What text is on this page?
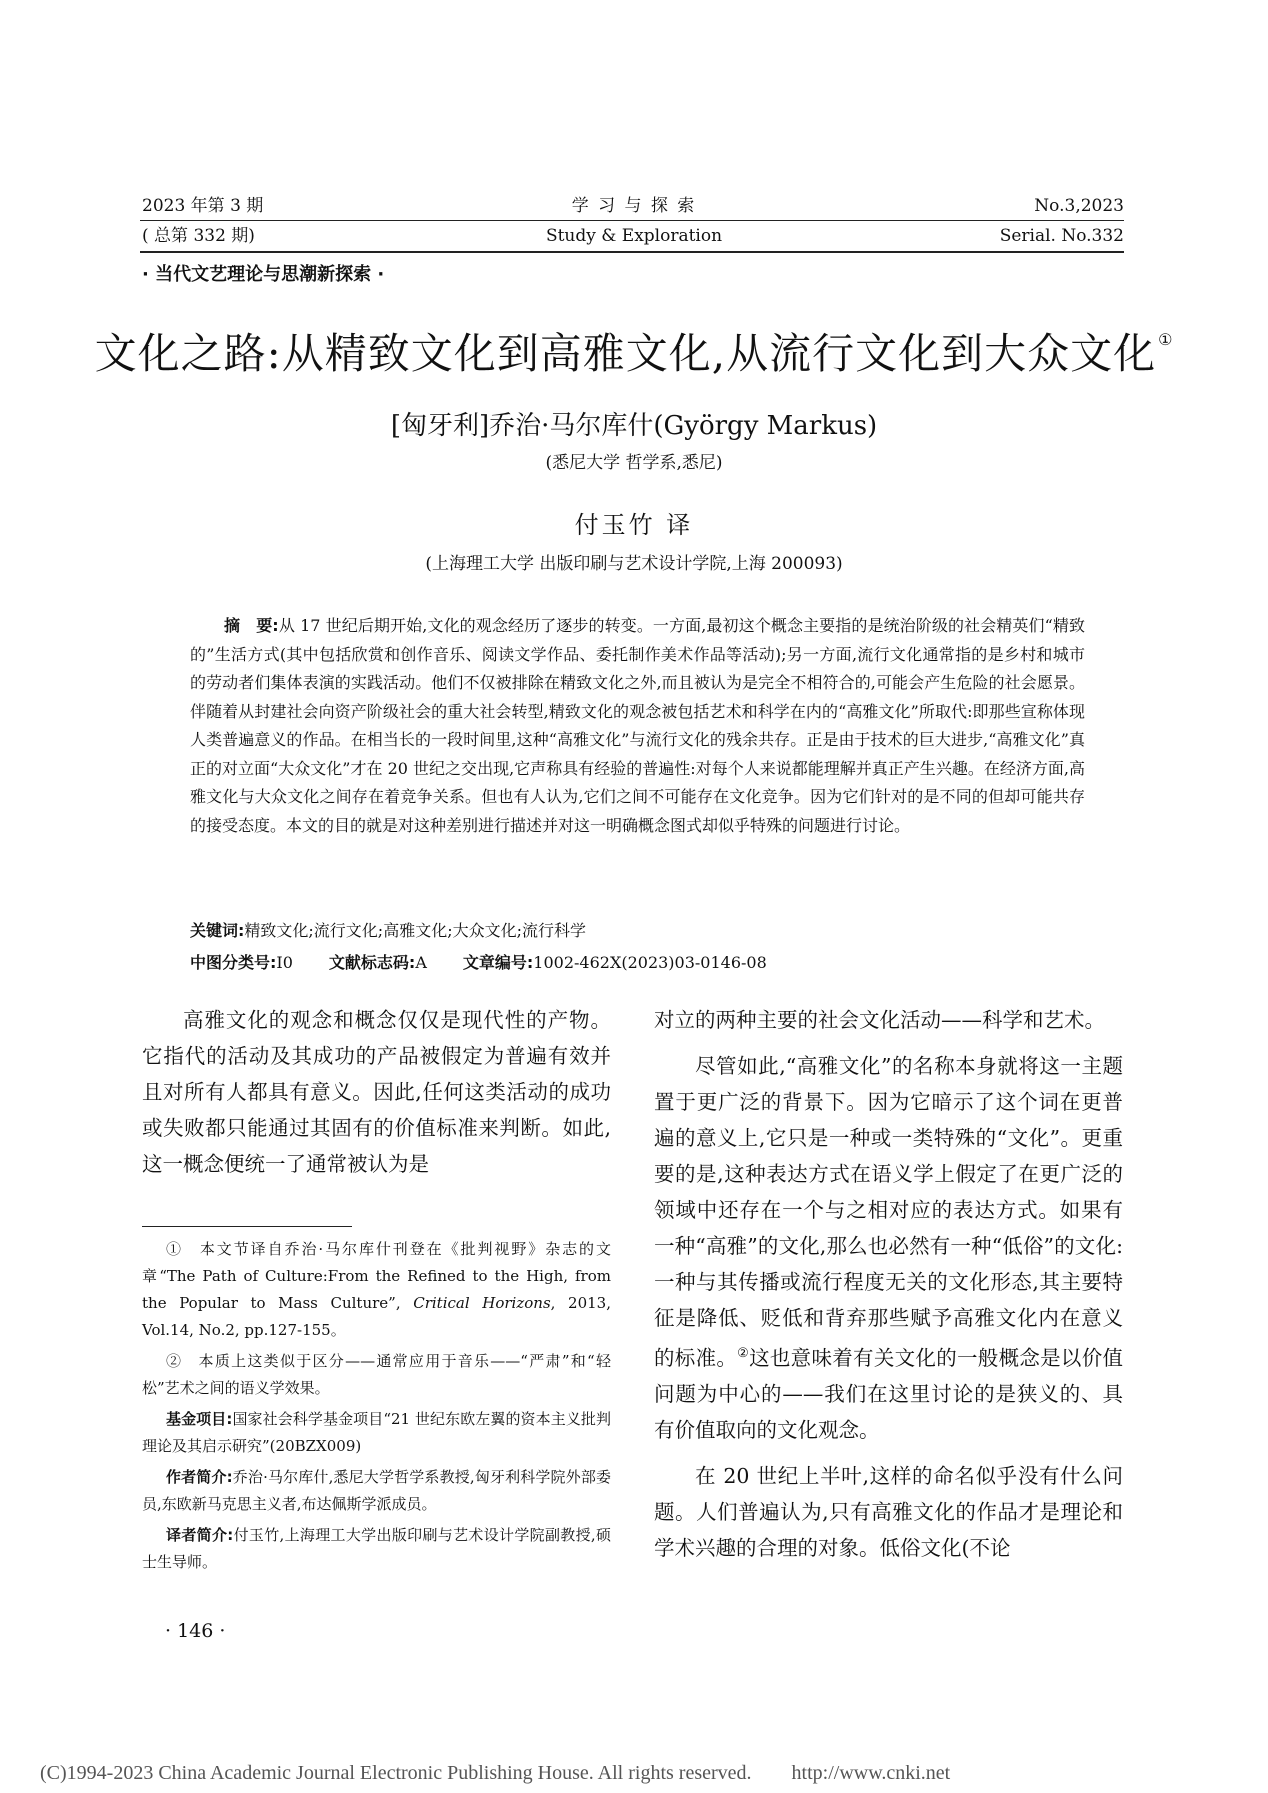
2023 年第 3 期
( 总第 332 期)
学 习 与 探 索
Study & Exploration
No.3,2023
Serial. No.332
· 当代文艺理论与思潮新探索 ·
文化之路:从精致文化到高雅文化,从流行文化到大众文化 ①
[匈牙利]乔治·马尔库什(György Markus)
(悉尼大学 哲学系,悉尼)
付玉竹 译
(上海理工大学 出版印刷与艺术设计学院,上海 200093)
摘　要:从 17 世纪后期开始,文化的观念经历了逐步的转变。一方面,最初这个概念主要指的是统治阶级的社会精英们“精致的”生活方式(其中包括欣赏和创作音乐、阅读文学作品、委托制作美术作品等活动);另一方面,流行文化通常指的是乡村和城市的劳动者们集体表演的实践活动。他们不仅被排除在精致文化之外,而且被认为是完全不相符合的,可能会产生危险的社会愿景。伴随着从封建社会向资产阶级社会的重大社会转型,精致文化的观念被包括艺术和科学在内的“高雅文化”所取代:即那些宣称体现人类普遍意义的作品。在相当长的一段时间里,这种“高雅文化”与流行文化的残余共存。正是由于技术的巨大进步,“高雅文化”真正的对立面“大众文化”才在 20 世纪之交出现,它声称具有经验的普遍性:对每个人来说都能理解并真正产生兴趣。在经济方面,高雅文化与大众文化之间存在着竞争关系。但也有人认为,它们之间不可能存在文化竞争。因为它们针对的是不同的但却可能共存的接受态度。本文的目的就是对这种差别进行描述并对这一明确概念图式却似乎特殊的问题进行讨论。
关键词:精致文化;流行文化;高雅文化;大众文化;流行科学
中图分类号:I0 文献标志码:A 文章编号:1002-462X(2023)03-0146-08

高雅文化的观念和概念仅仅是现代性的产物。它指代的活动及其成功的产品被假定为普遍有效并且对所有人都具有意义。因此,任何这类活动的成功或失败都只能通过其固有的价值标准来判断。如此,这一概念便统一了通常被认为是

①　本文节译自乔治·马尔库什刊登在《批判视野》杂志的文章“The Path of Culture:From the Refined to the High, from the Popular to Mass Culture”, Critical Horizons, 2013, Vol.14, No.2, pp.127-155。

②　本质上这类似于区分——通常应用于音乐——“严肃”和“轻松”艺术之间的语义学效果。

基金项目:国家社会科学基金项目“21 世纪东欧左翼的资本主义批判理论及其启示研究”(20BZX009)

作者简介:乔治·马尔库什,悉尼大学哲学系教授,匈牙利科学院外部委员,东欧新马克思主义者,布达佩斯学派成员。

译者简介:付玉竹,上海理工大学出版印刷与艺术设计学院副教授,硕士生导师。

对立的两种主要的社会文化活动——科学和艺术。

尽管如此,“高雅文化”的名称本身就将这一主题置于更广泛的背景下。因为它暗示了这个词在更普遍的意义上,它只是一种或一类特殊的“文化”。更重要的是,这种表达方式在语义学上假定了在更广泛的领域中还存在一个与之相对应的表达方式。如果有一种“高雅”的文化,那么也必然有一种“低俗”的文化:一种与其传播或流行程度无关的文化形态,其主要特征是降低、贬低和背弃那些赋予高雅文化内在意义的标准。②这也意味着有关文化的一般概念是以价值问题为中心的——我们在这里讨论的是狭义的、具有价值取向的文化观念。

在 20 世纪上半叶,这样的命名似乎没有什么问题。人们普遍认为,只有高雅文化的作品才是理论和学术兴趣的合理的对象。低俗文化(不论

· 146 ·
(C)1994-2023 China Academic Journal Electronic Publishing House. All rights reserved.　　http://www.cnki.net
